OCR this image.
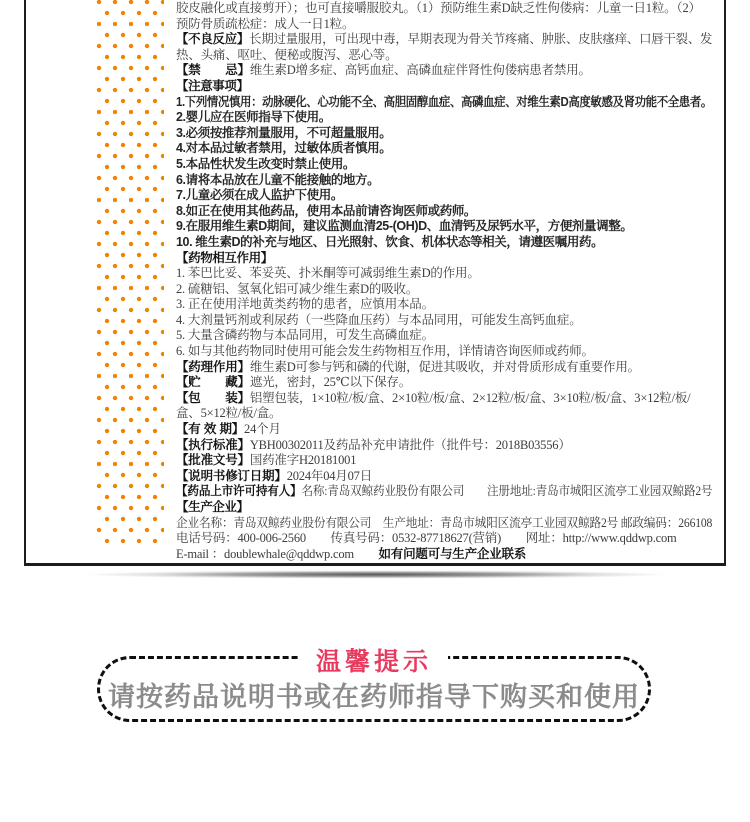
胶皮融化或直接剪开）；也可直接嚼服胶丸。（1）预防维生素D缺乏性佝偻病：儿童一日1粒。（2）
预防骨质疏松症：成人一日1粒。
【不良反应】长期过量服用，可出现中毒，早期表现为骨关节疼痛、肿胀、皮肤瘙痒、口唇干裂、发
热、头痛、呕吐、便秘或腹泻、恶心等。
【禁　　忌】维生素D增多症、高钙血症、高磷血症伴肾性佝偻病患者禁用。
【注意事项】
1.下列情况慎用：动脉硬化、心功能不全、高胆固醇血症、高磷血症、对维生素D高度敏感及肾功能不全患者。
2.婴儿应在医师指导下使用。
3.必须按推荐剂量服用，不可超量服用。
4.对本品过敏者禁用，过敏体质者慎用。
5.本品性状发生改变时禁止使用。
6.请将本品放在儿童不能接触的地方。
7.儿童必须在成人监护下使用。
8.如正在使用其他药品，使用本品前请咨询医师或药师。
9.在服用维生素D期间，建议监测血清25-(OH)D、血清钙及尿钙水平，方便剂量调整。
10. 维生素D的补充与地区、日光照射、饮食、机体状态等相关，请遵医嘱用药。
【药物相互作用】
1. 苯巴比妥、苯妥英、扑米酮等可减弱维生素D的作用。
2. 硫糖铝、氢氧化铝可减少维生素D的吸收。
3. 正在使用洋地黄类药物的患者，应慎用本品。
4. 大剂量钙剂或利尿药（一些降血压药）与本品同用，可能发生高钙血症。
5. 大量含磷药物与本品同用，可发生高磷血症。
6. 如与其他药物同时使用可能会发生药物相互作用，详情请咨询医师或药师。
【药理作用】维生素D可参与钙和磷的代谢，促进其吸收，并对骨质形成有重要作用。
【贮　　藏】遮光，密封，25℃以下保存。
【包　　装】铝塑包装，1×10粒/板/盒、2×10粒/板/盒、2×12粒/板/盒、3×10粒/板/盒、3×12粒/板/
盒、5×12粒/板/盒。
【有 效 期】24个月
【执行标准】YBH00302011及药品补充申请批件（批件号：2018B03556）
【批准文号】国药准字H20181001
【说明书修订日期】2024年04月07日
【药品上市许可持有人】名称:青岛双鲸药业股份有限公司　　注册地址:青岛市城阳区流亭工业园双鲸路2号
【生产企业】
企业名称：青岛双鲸药业股份有限公司　生产地址：青岛市城阳区流亭工业园双鲸路2号 邮政编码：266108
电话号码：400-006-2560　　传真号码：0532-87718627(营销)　　网址：http://www.qddwp.com
E-mail ：doublewhale@qddwp.com　　如有问题可与生产企业联系
温馨提示
请按药品说明书或在药师指导下购买和使用
